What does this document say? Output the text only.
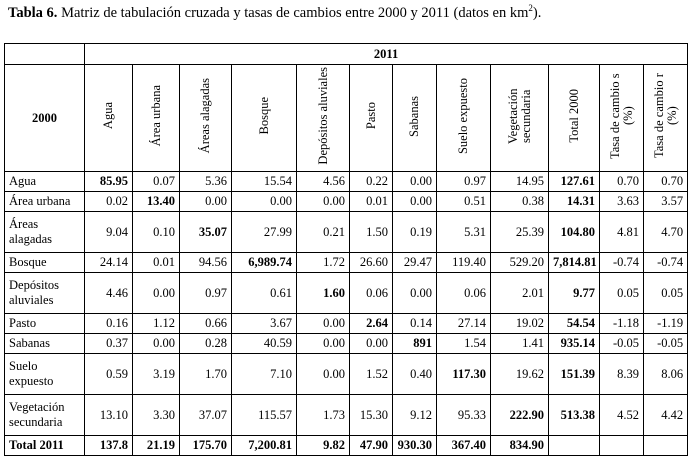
Tabla 6. Matriz de tabulación cruzada y tasas de cambios entre 2000 y 2011 (datos en $km^2$).
	2011											
2000	Agua	Área urbana	Áreas alagadas	Bosque	Depósitos aluviales	Pasto	Sabanas	Suelo expuesto	Vegetación secundaria	Total 2000	Tasa de cambio s (%)	Tasa de cambio r (%)
Agua	85.95	0.07	5.36	15.54	4.56	0.22	0.00	0.97	14.95	127.61	0.70	0.70
Área urbana	0.02	13.40	0.00	0.00	0.00	0.01	0.00	0.51	0.38	14.31	3.63	3.57
Áreas alagadas	9.04	0.10	35.07	27.99	0.21	1.50	0.19	5.31	25.39	104.80	4.81	4.70
Bosque	24.14	0.01	94.56	6,989.74	1.72	26.60	29.47	119.40	529.20	7,814.81	-0.74	-0.74
Depósitos aluviales	4.46	0.00	0.97	0.61	1.60	0.06	0.00	0.06	2.01	9.77	0.05	0.05
Pasto	0.16	1.12	0.66	3.67	0.00	2.64	0.14	27.14	19.02	54.54	-1.18	-1.19
Sabanas	0.37	0.00	0.28	40.59	0.00	0.00	891	1.54	1.41	935.14	-0.05	-0.05
Suelo expuesto	0.59	3.19	1.70	7.10	0.00	1.52	0.40	117.30	19.62	151.39	8.39	8.06
Vegetación secundaria	13.10	3.30	37.07	115.57	1.73	15.30	9.12	95.33	222.90	513.38	4.52	4.42
Total 2011	137.8	21.19	175.70	7,200.81	9.82	47.90	930.30	367.40	834.90			
